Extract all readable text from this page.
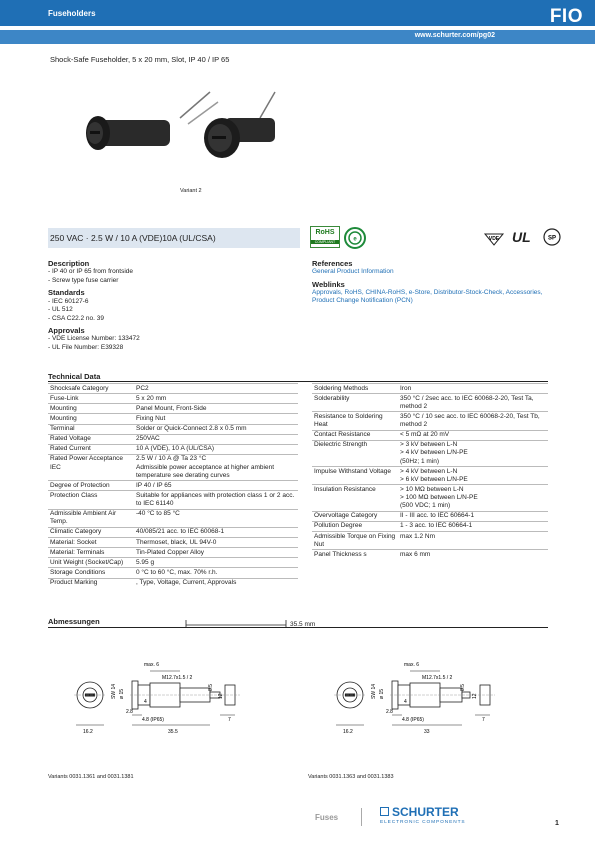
Fuseholders	FIO
www.schurter.com/pg02
Shock-Safe Fuseholder, 5 x 20 mm, Slot, IP 40 / IP 65
Variant 2
250 VAC · 2.5 W / 10 A (VDE)10A (UL/CSA)
RoHS
COMPLIANT	e	VDE UL	SP
Description
- IP 40 or IP 65 from frontside
- Screw type fuse carrier
Standards
- IEC 60127-6
- UL 512
- CSA C22.2 no. 39
Approvals
- VDE License Number: 133472
- UL File Number: E39328
References
General Product Information
Weblinks
Approvals, RoHS, CHINA-RoHS, e-Store, Distributor-Stock-Check, Accessories, Product Change Notification (PCN)
Technical Data
Shocksafe Category	PC2
Fuse-Link	5 x 20 mm
Mounting	Panel Mount, Front-Side
Mounting	Fixing Nut
Terminal	Solder or Quick-Connect 2.8 x 0.5 mm
Rated Voltage	250VAC
Rated Current	10 A (VDE), 10 A (UL/CSA)
Rated Power Acceptance IEC	2.5 W / 10 A @ Ta 23 °C
Admissible power acceptance at higher ambient temperature see derating curves
Degree of Protection	IP 40 / IP 65
Protection Class	Suitable for appliances with protection class 1 or 2 acc. to IEC 61140
Admissible Ambient Air Temp.	-40 °C to 85 °C
Climatic Category	40/085/21 acc. to IEC 60068-1
Material: Socket	Thermoset, black, UL 94V-0
Material: Terminals	Tin-Plated Copper Alloy
Unit Weight (Socket/Cap)	5.95 g
Storage Conditions	0 °C to 60 °C, max. 70% r.h.
Product Marking	, Type, Voltage, Current, Approvals
Soldering Methods	Iron
Solderability	350 °C / 2sec acc. to IEC 60068-2-20, Test Ta, method 2
Resistance to Soldering Heat	350 °C / 10 sec acc. to IEC 60068-2-20, Test Tb, method 2
Contact Resistance	< 5 mΩ at 20 mV
Dielectric Strength	> 3 kV between L-N
> 4 kV between L/N-PE
(50Hz; 1 min)
Impulse Withstand Voltage	> 4 kV between L-N
> 6 kV between L/N-PE
Insulation Resistance	> 10 MΩ between L-N
> 100 MΩ between L/N-PE
(500 VDC; 1 min)
Overvoltage Category	II - III acc. to IEC 60664-1
Pollution Degree	1 - 3 acc. to IEC 60664-1
Admissible Torque on Fixing Nut	max 1.2 Nm
Panel Thickness s	max 6 mm
Abmessungen	35.5 mm
max. 6
M12.7x1.5 / 2
2.8
4
4.8 (IP65)	7
16.2	35.5
SW 14 ø 15
8.5
12
Variants 0031.1361 and 0031.1381
max. 6
M12.7x1.5 / 2
2.8
4
4.8 (IP65)	7
16.2	33
SW 14 ø 15
8.5
12
Variants 0031.1363 and 0031.1383
Fuses	SCHURTER
ELECTRONIC COMPONENTS	1
